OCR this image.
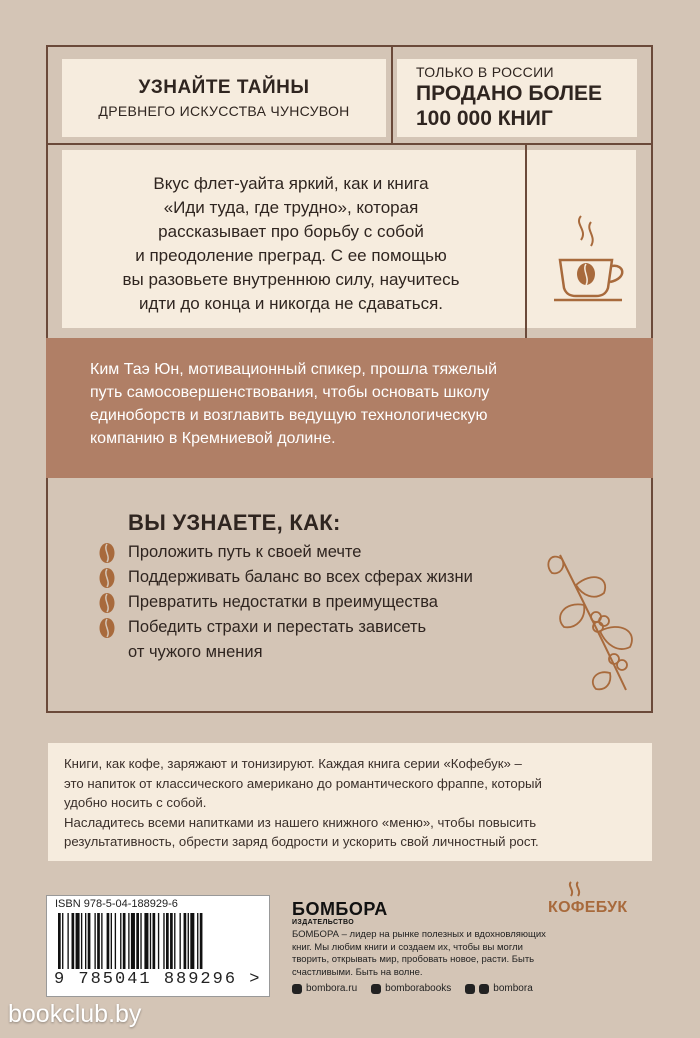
УЗНАЙТЕ ТАЙНЫ
ДРЕВНЕГО ИСКУССТВА ЧУНСУВОН
ТОЛЬКО В РОССИИ
ПРОДАНО БОЛЕЕ
100 000 КНИГ
Вкус флет-уайта яркий, как и книга
«Иди туда, где трудно», которая
рассказывает про борьбу с собой
и преодоление преград. С ее помощью
вы разовьете внутреннюю силу, научитесь
идти до конца и никогда не сдаваться.
Ким Таэ Юн, мотивационный спикер, прошла тяжелый
путь самосовершенствования, чтобы основать школу
единоборств и возглавить ведущую технологическую
компанию в Кремниевой долине.
ВЫ УЗНАЕТЕ, КАК:
Проложить путь к своей мечте
Поддерживать баланс во всех сферах жизни
Превратить недостатки в преимущества
Победить страхи и перестать зависеть
от чужого мнения
Книги, как кофе, заряжают и тонизируют. Каждая книга серии «Кофебук» –
это напиток от классического американо до романтического фраппе, который
удобно носить с собой.
Насладитесь всеми напитками из нашего книжного «меню», чтобы повысить
результативность, обрести заряд бодрости и ускорить свой личностный рост.
ISBN 978-5-04-188929-6
9 785041 889296 >
БОМБОРА
ИЗДАТЕЛЬСТВО
БОМБОРА – лидер на рынке полезных и вдохновляющих книг. Мы любим книги и создаем их, чтобы вы могли творить, открывать мир, пробовать новое, расти. Быть счастливыми. Быть на волне.
bombora.ru	bomborabooks	bombora
КОФЕБУК
bookclub.by
